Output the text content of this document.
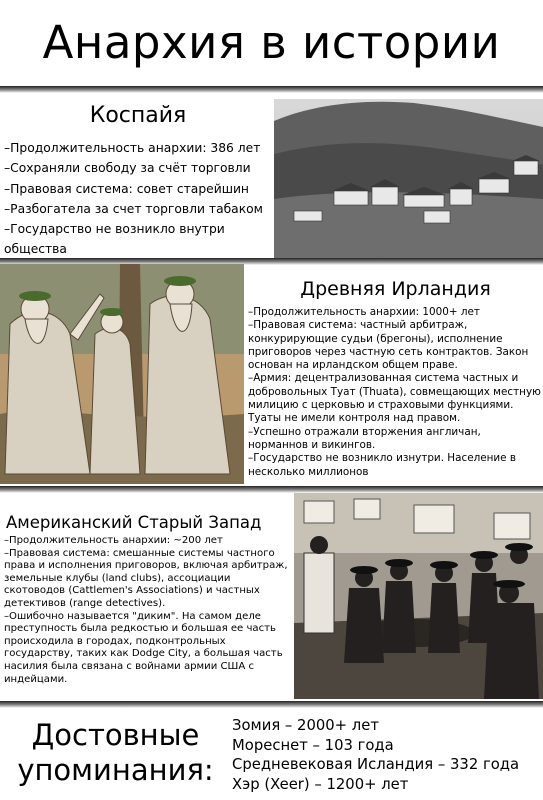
Анархия в истории
Коспайя
–Продолжительность анархии: 386 лет
–Сохраняли свободу за счёт торговли
–Правовая система: совет старейшин
–Разбогатела за счет торговли табаком
–Государство не возникло внутри
общества
Древняя Ирландия
–Продолжительность анархии: 1000+ лет
–Правовая система: частный арбитраж, конкурирующие судьи (брегоны), исполнение приговоров через частную сеть контрактов. Закон основан на ирландском общем праве.
–Армия: децентрализованная система частных и добровольных Туат (Thuata), совмещающих местную милицию с церковью и страховыми функциями. Туаты не имели контроля над правом.
–Успешно отражали вторжения англичан, норманнов и викингов.
–Государство не возникло изнутри. Население в несколько миллионов
Американский Старый Запад
–Продолжительность анархии: ~200 лет
–Правовая система: смешанные системы частного права и исполнения приговоров, включая арбитраж, земельные клубы (land clubs), ассоциации скотоводов (Cattlemen's Associations) и частных детективов (range detectives).
–Ошибочно называется "диким". На самом деле преступность была редкостью и большая ее часть происходила в городах, подконтрольных государству, таких как Dodge City, а большая часть насилия была связана с войнами армии США с индейцами.
Достовные упоминания:
Зомия – 2000+ лет
Мореснет – 103 года
Средневековая Исландия – 332 года
Хэр (Xeer) – 1200+ лет
